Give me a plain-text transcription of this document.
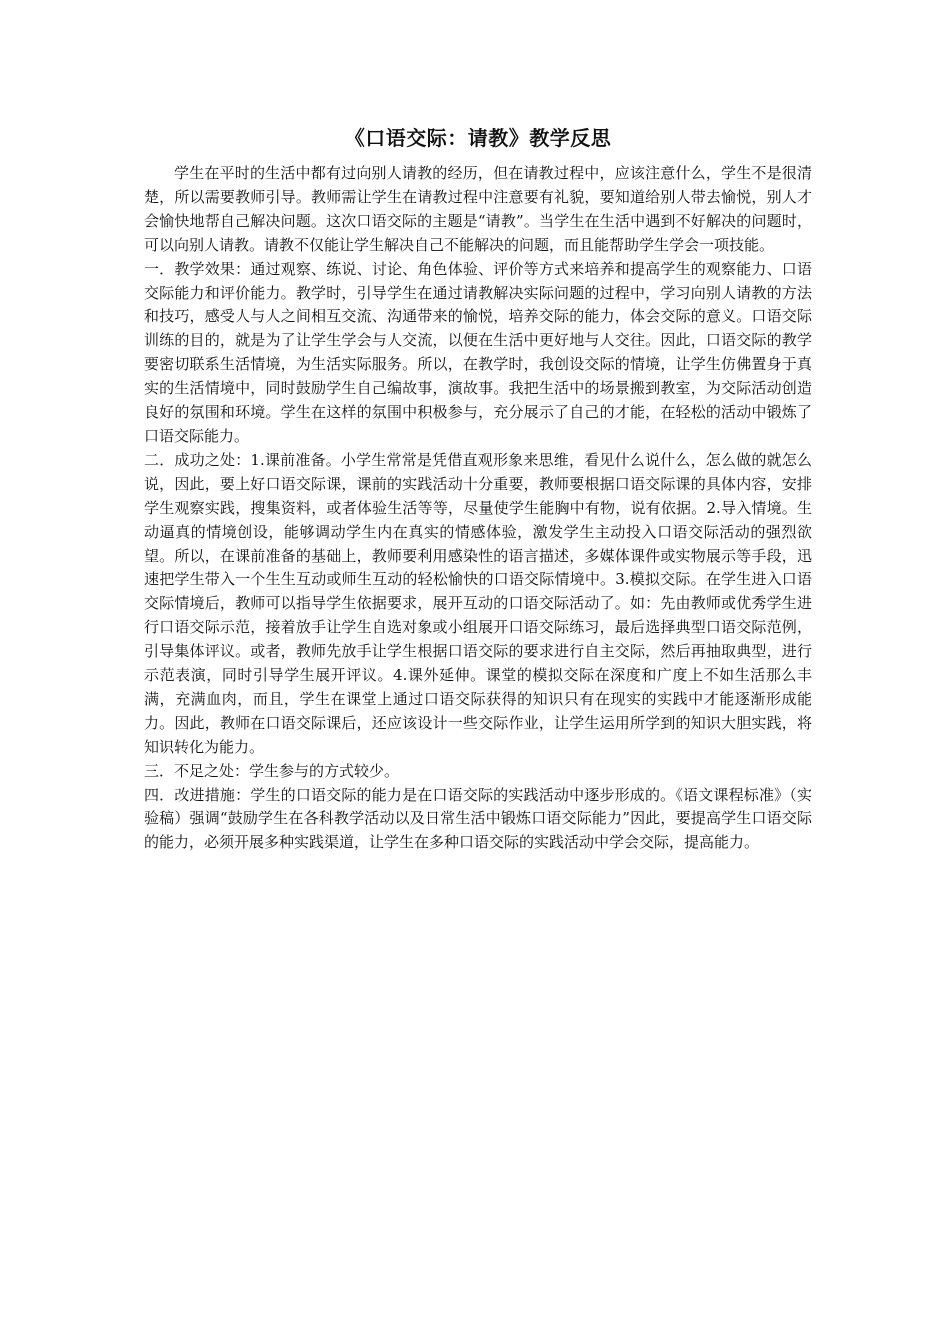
《口语交际：请教》教学反思

学生在平时的生活中都有过向别人请教的经历，但在请教过程中，应该注意什么，学生不是很清楚，所以需要教师引导。教师需让学生在请教过程中注意要有礼貌，要知道给别人带去愉悦，别人才会愉快地帮自己解决问题。这次口语交际的主题是“请教”。当学生在生活中遇到不好解决的问题时，可以向别人请教。请教不仅能让学生解决自己不能解决的问题，而且能帮助学生学会一项技能。

一．教学效果：通过观察、练说、讨论、角色体验、评价等方式来培养和提高学生的观察能力、口语交际能力和评价能力。教学时，引导学生在通过请教解决实际问题的过程中，学习向别人请教的方法和技巧，感受人与人之间相互交流、沟通带来的愉悦，培养交际的能力，体会交际的意义。口语交际训练的目的，就是为了让学生学会与人交流，以便在生活中更好地与人交往。因此，口语交际的教学要密切联系生活情境，为生活实际服务。所以，在教学时，我创设交际的情境，让学生仿佛置身于真实的生活情境中，同时鼓励学生自己编故事，演故事。我把生活中的场景搬到教室，为交际活动创造良好的氛围和环境。学生在这样的氛围中积极参与，充分展示了自己的才能，在轻松的活动中锻炼了口语交际能力。

二．成功之处：1.课前准备。小学生常常是凭借直观形象来思维，看见什么说什么，怎么做的就怎么说，因此，要上好口语交际课，课前的实践活动十分重要，教师要根据口语交际课的具体内容，安排学生观察实践，搜集资料，或者体验生活等等，尽量使学生能胸中有物，说有依据。2.导入情境。生动逼真的情境创设，能够调动学生内在真实的情感体验，激发学生主动投入口语交际活动的强烈欲望。所以，在课前准备的基础上，教师要利用感染性的语言描述，多媒体课件或实物展示等手段，迅速把学生带入一个生生互动或师生互动的轻松愉快的口语交际情境中。3.模拟交际。在学生进入口语交际情境后，教师可以指导学生依据要求，展开互动的口语交际活动了。如：先由教师或优秀学生进行口语交际示范，接着放手让学生自选对象或小组展开口语交际练习，最后选择典型口语交际范例，引导集体评议。或者，教师先放手让学生根据口语交际的要求进行自主交际，然后再抽取典型，进行示范表演，同时引导学生展开评议。4.课外延伸。课堂的模拟交际在深度和广度上不如生活那么丰满，充满血肉，而且，学生在课堂上通过口语交际获得的知识只有在现实的实践中才能逐渐形成能力。因此，教师在口语交际课后，还应该设计一些交际作业，让学生运用所学到的知识大胆实践，将知识转化为能力。

三．不足之处：学生参与的方式较少。

四．改进措施：学生的口语交际的能力是在口语交际的实践活动中逐步形成的。《语文课程标准》（实验稿）强调“鼓励学生在各科教学活动以及日常生活中锻炼口语交际能力”因此，要提高学生口语交际的能力，必须开展多种实践渠道，让学生在多种口语交际的实践活动中学会交际，提高能力。
